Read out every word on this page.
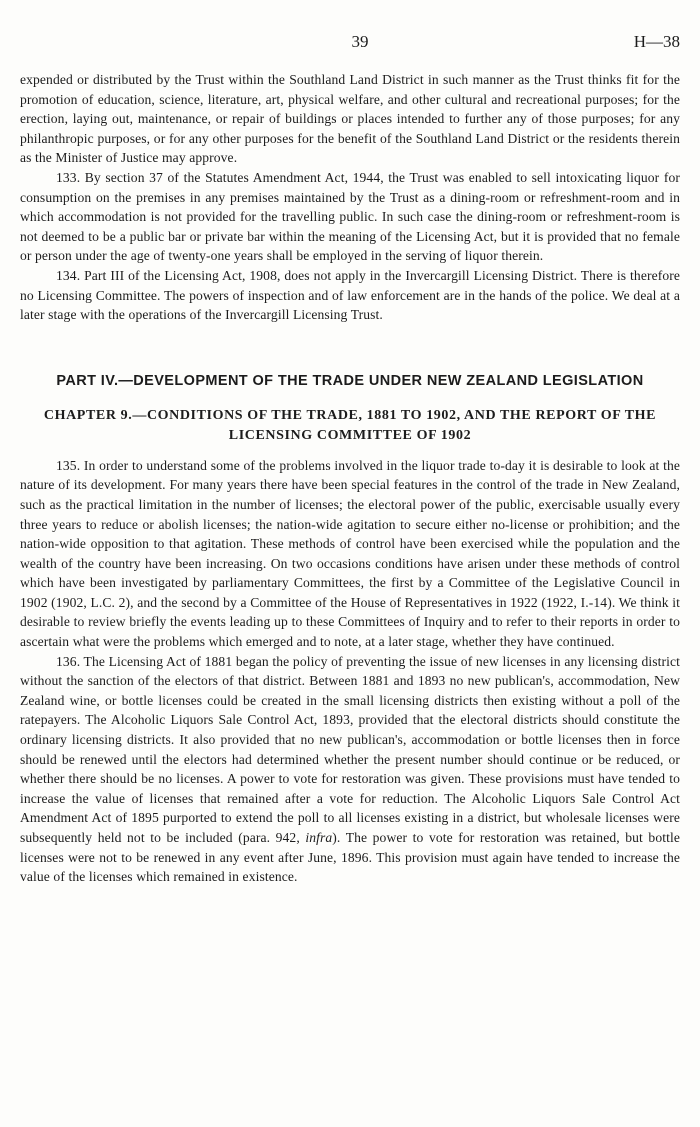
39	H—38

expended or distributed by the Trust within the Southland Land District in such manner as the Trust thinks fit for the promotion of education, science, literature, art, physical welfare, and other cultural and recreational purposes; for the erection, laying out, maintenance, or repair of buildings or places intended to further any of those purposes; for any philanthropic purposes, or for any other purposes for the benefit of the Southland Land District or the residents therein as the Minister of Justice may approve.

133. By section 37 of the Statutes Amendment Act, 1944, the Trust was enabled to sell intoxicating liquor for consumption on the premises in any premises maintained by the Trust as a dining-room or refreshment-room and in which accommodation is not provided for the travelling public. In such case the dining-room or refreshment-room is not deemed to be a public bar or private bar within the meaning of the Licensing Act, but it is provided that no female or person under the age of twenty-one years shall be employed in the serving of liquor therein.

134. Part III of the Licensing Act, 1908, does not apply in the Invercargill Licensing District. There is therefore no Licensing Committee. The powers of inspection and of law enforcement are in the hands of the police. We deal at a later stage with the operations of the Invercargill Licensing Trust.

PART IV.—DEVELOPMENT OF THE TRADE UNDER NEW ZEALAND LEGISLATION
CHAPTER 9.—CONDITIONS OF THE TRADE, 1881 TO 1902, AND THE REPORT OF THE LICENSING COMMITTEE OF 1902

135. In order to understand some of the problems involved in the liquor trade to-day it is desirable to look at the nature of its development. For many years there have been special features in the control of the trade in New Zealand, such as the practical limitation in the number of licenses; the electoral power of the public, exercisable usually every three years to reduce or abolish licenses; the nation-wide agitation to secure either no-license or prohibition; and the nation-wide opposition to that agitation. These methods of control have been exercised while the population and the wealth of the country have been increasing. On two occasions conditions have arisen under these methods of control which have been investigated by parliamentary Committees, the first by a Committee of the Legislative Council in 1902 (1902, L.C. 2), and the second by a Committee of the House of Representatives in 1922 (1922, I.-14). We think it desirable to review briefly the events leading up to these Committees of Inquiry and to refer to their reports in order to ascertain what were the problems which emerged and to note, at a later stage, whether they have continued.

136. The Licensing Act of 1881 began the policy of preventing the issue of new licenses in any licensing district without the sanction of the electors of that district. Between 1881 and 1893 no new publican's, accommodation, New Zealand wine, or bottle licenses could be created in the small licensing districts then existing without a poll of the ratepayers. The Alcoholic Liquors Sale Control Act, 1893, provided that the electoral districts should constitute the ordinary licensing districts. It also provided that no new publican's, accommodation or bottle licenses then in force should be renewed until the electors had determined whether the present number should continue or be reduced, or whether there should be no licenses. A power to vote for restoration was given. These provisions must have tended to increase the value of licenses that remained after a vote for reduction. The Alcoholic Liquors Sale Control Act Amendment Act of 1895 purported to extend the poll to all licenses existing in a district, but wholesale licenses were subsequently held not to be included (para. 942, infra). The power to vote for restoration was retained, but bottle licenses were not to be renewed in any event after June, 1896. This provision must again have tended to increase the value of the licenses which remained in existence.
